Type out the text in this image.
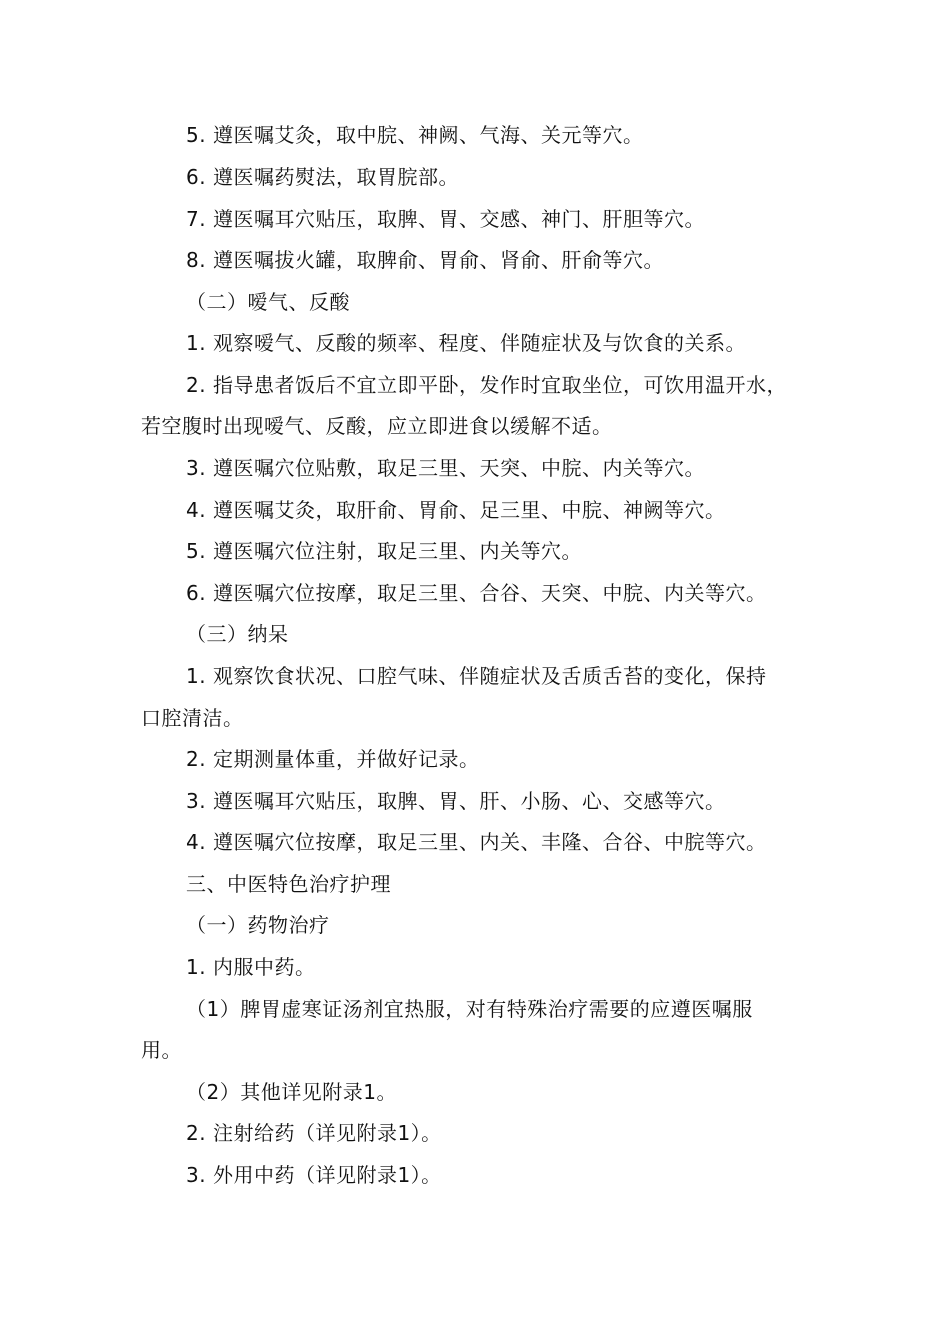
5. 遵医嘱艾灸，取中脘、神阙、气海、关元等穴。
6. 遵医嘱药熨法，取胃脘部。
7. 遵医嘱耳穴贴压，取脾、胃、交感、神门、肝胆等穴。
8. 遵医嘱拔火罐，取脾俞、胃俞、肾俞、肝俞等穴。
（二）嗳气、反酸
1. 观察嗳气、反酸的频率、程度、伴随症状及与饮食的关系。
2. 指导患者饭后不宜立即平卧，发作时宜取坐位，可饮用温开水，
若空腹时出现嗳气、反酸，应立即进食以缓解不适。
3. 遵医嘱穴位贴敷，取足三里、天突、中脘、内关等穴。
4. 遵医嘱艾灸，取肝俞、胃俞、足三里、中脘、神阙等穴。
5. 遵医嘱穴位注射，取足三里、内关等穴。
6. 遵医嘱穴位按摩，取足三里、合谷、天突、中脘、内关等穴。
（三）纳呆
1. 观察饮食状况、口腔气味、伴随症状及舌质舌苔的变化，保持
口腔清洁。
2. 定期测量体重，并做好记录。
3. 遵医嘱耳穴贴压，取脾、胃、肝、小肠、心、交感等穴。
4. 遵医嘱穴位按摩，取足三里、内关、丰隆、合谷、中脘等穴。
三、中医特色治疗护理
（一）药物治疗
1. 内服中药。
（1）脾胃虚寒证汤剂宜热服，对有特殊治疗需要的应遵医嘱服
用。
（2）其他详见附录1。
2. 注射给药（详见附录1）。
3. 外用中药（详见附录1）。
